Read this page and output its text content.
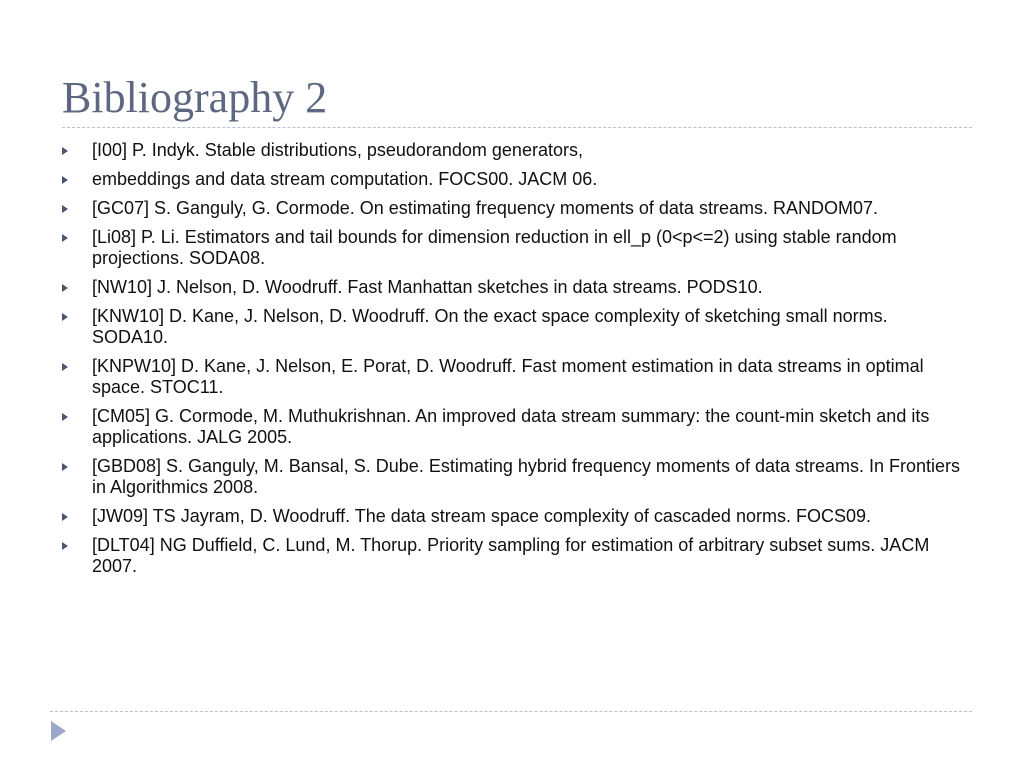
Bibliography 2
[I00] P. Indyk. Stable distributions, pseudorandom generators,
embeddings and data stream computation. FOCS00. JACM 06.
[GC07] S. Ganguly, G. Cormode. On estimating frequency moments of data streams. RANDOM07.
[Li08] P. Li. Estimators and tail bounds for dimension reduction in ell_p (0<p<=2) using stable random projections. SODA08.
[NW10] J. Nelson, D. Woodruff. Fast Manhattan sketches in data streams. PODS10.
[KNW10] D. Kane, J. Nelson, D. Woodruff. On the exact space complexity of sketching small norms. SODA10.
[KNPW10] D. Kane, J. Nelson, E. Porat, D. Woodruff. Fast moment estimation in data streams in optimal space. STOC11.
[CM05] G. Cormode, M. Muthukrishnan. An improved data stream summary: the count-min sketch and its applications. JALG 2005.
[GBD08] S. Ganguly, M. Bansal, S. Dube. Estimating hybrid frequency moments of data streams. In Frontiers in Algorithmics 2008.
[JW09] TS Jayram, D. Woodruff. The data stream space complexity of cascaded norms. FOCS09.
[DLT04] NG Duffield, C. Lund, M. Thorup. Priority sampling for estimation of arbitrary subset sums. JACM 2007.
